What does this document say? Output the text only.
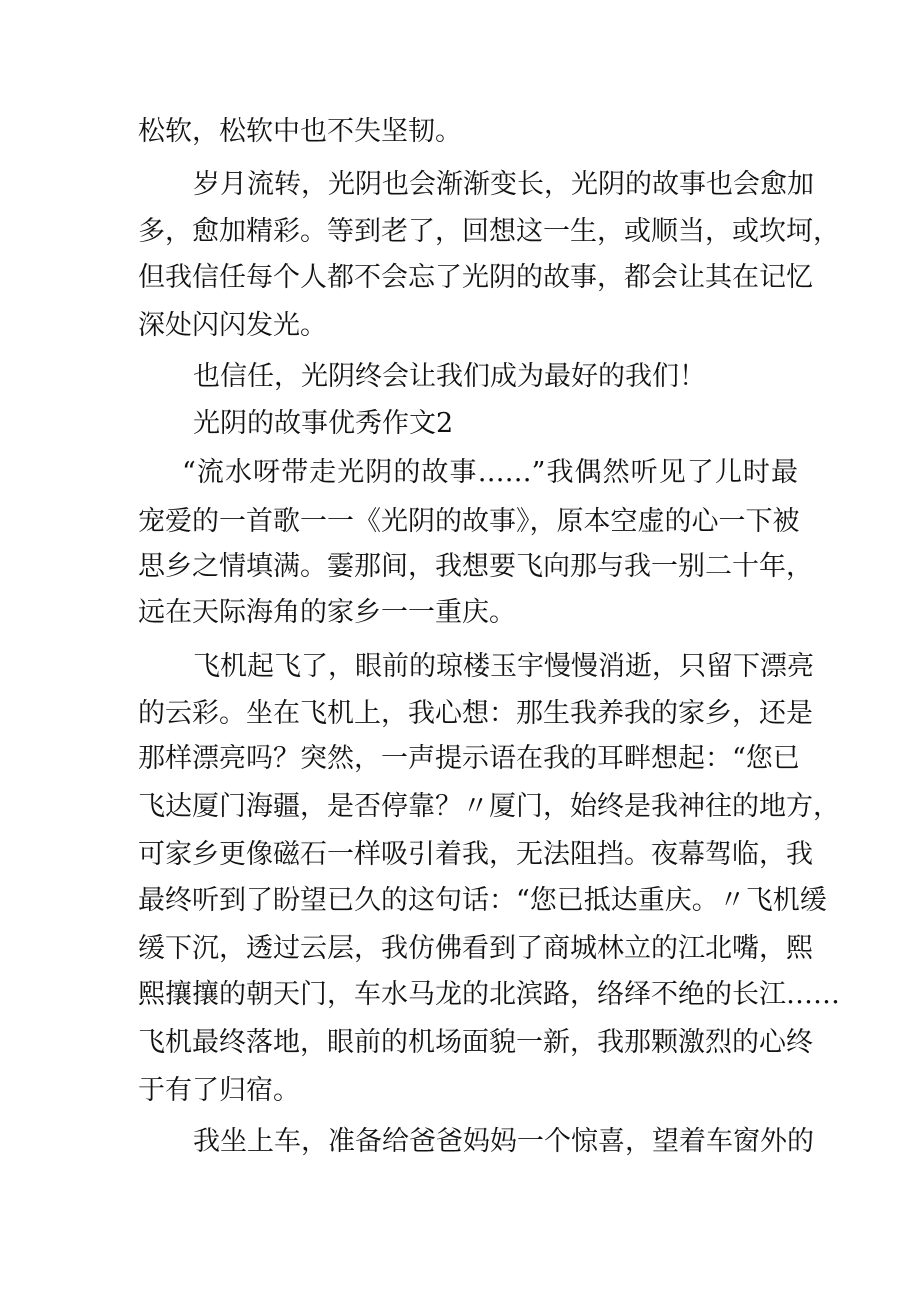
松软，松软中也不失坚韧。

岁月流转，光阴也会渐渐变长，光阴的故事也会愈加

多，愈加精彩。等到老了，回想这一生，或顺当，或坎坷，

但我信任每个人都不会忘了光阴的故事，都会让其在记忆

深处闪闪发光。

也信任，光阴终会让我们成为最好的我们！

光阴的故事优秀作文2

“流水呀带走光阴的故事……”我偶然听见了儿时最

宠爱的一首歌一一《光阴的故事》，原本空虚的心一下被

思乡之情填满。霎那间，我想要飞向那与我一别二十年，

远在天际海角的家乡一一重庆。

飞机起飞了，眼前的琼楼玉宇慢慢消逝，只留下漂亮

的云彩。坐在飞机上，我心想：那生我养我的家乡，还是

那样漂亮吗？突然，一声提示语在我的耳畔想起：“您已

飞达厦门海疆，是否停靠？〃厦门，始终是我神往的地方，

可家乡更像磁石一样吸引着我，无法阻挡。夜幕驾临，我

最终听到了盼望已久的这句话：“您已抵达重庆。〃飞机缓

缓下沉，透过云层，我仿佛看到了商城林立的江北嘴，熙

熙攘攘的朝天门，车水马龙的北滨路，络绎不绝的长江……

飞机最终落地，眼前的机场面貌一新，我那颗激烈的心终

于有了归宿。

我坐上车，准备给爸爸妈妈一个惊喜，望着车窗外的
